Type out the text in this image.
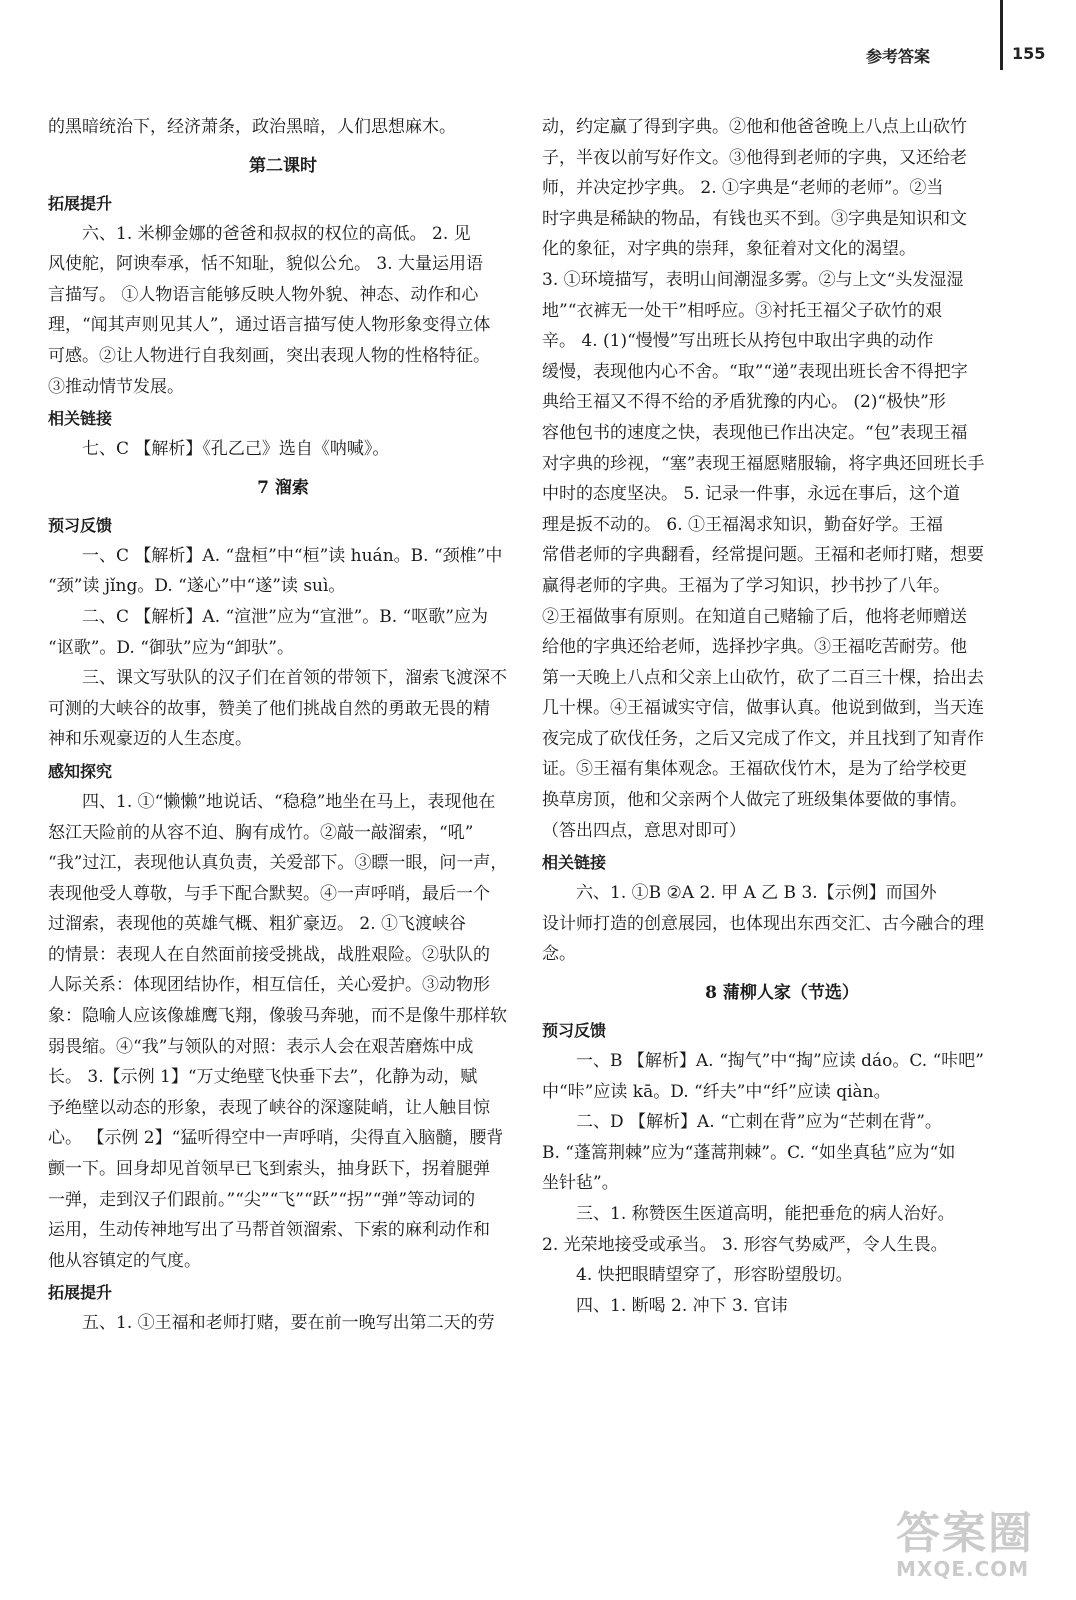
参考答案	155

的黑暗统治下，经济萧条，政治黑暗，人们思想麻木。

第二课时
拓展提升

六、1. 米柳金娜的爸爸和叔叔的权位的高低。 2. 见
风使舵，阿谀奉承，恬不知耻，貌似公允。 3. 大量运用语
言描写。 ①人物语言能够反映人物外貌、神态、动作和心
理，“闻其声则见其人”，通过语言描写使人物形象变得立体
可感。②让人物进行自我刻画，突出表现人物的性格特征。
③推动情节发展。

相关链接

七、C 【解析】《孔乙己》选自《呐喊》。

7 溜索
预习反馈

一、C 【解析】A. “盘桓”中“桓”读 huán。B. “颈椎”中
“颈”读 jǐng。D. “遂心”中“遂”读 suì。

二、C 【解析】A. “渲泄”应为“宣泄”。B. “呕歌”应为
“讴歌”。D. “御驮”应为“卸驮”。

三、课文写驮队的汉子们在首领的带领下，溜索飞渡深不
可测的大峡谷的故事，赞美了他们挑战自然的勇敢无畏的精
神和乐观豪迈的人生态度。

感知探究

四、1. ①“懒懒”地说话、“稳稳”地坐在马上，表现他在
怒江天险前的从容不迫、胸有成竹。②敲一敲溜索，“吼”
“我”过江，表现他认真负责，关爱部下。③瞟一眼，问一声，
表现他受人尊敬，与手下配合默契。④一声呼哨，最后一个
过溜索，表现他的英雄气概、粗犷豪迈。 2. ①飞渡峡谷
的情景：表现人在自然面前接受挑战，战胜艰险。②驮队的
人际关系：体现团结协作，相互信任，关心爱护。③动物形
象：隐喻人应该像雄鹰飞翔，像骏马奔驰，而不是像牛那样软
弱畏缩。④“我”与领队的对照：表示人会在艰苦磨炼中成
长。 3.【示例 1】“万丈绝壁飞快垂下去”，化静为动，赋
予绝壁以动态的形象，表现了峡谷的深邃陡峭，让人触目惊
心。 【示例 2】“猛听得空中一声呼哨，尖得直入脑髓，腰背
颤一下。回身却见首领早已飞到索头，抽身跃下，拐着腿弹
一弹，走到汉子们跟前。”“尖”“飞”“跃”“拐”“弹”等动词的
运用，生动传神地写出了马帮首领溜索、下索的麻利动作和
他从容镇定的气度。

拓展提升

五、1. ①王福和老师打赌，要在前一晚写出第二天的劳

动，约定赢了得到字典。②他和他爸爸晚上八点上山砍竹
子，半夜以前写好作文。③他得到老师的字典，又还给老
师，并决定抄字典。 2. ①字典是“老师的老师”。②当
时字典是稀缺的物品，有钱也买不到。③字典是知识和文
化的象征，对字典的崇拜，象征着对文化的渴望。

3. ①环境描写，表明山间潮湿多雾。②与上文“头发湿湿
地”“衣裤无一处干”相呼应。③衬托王福父子砍竹的艰
辛。 4. (1)“慢慢”写出班长从挎包中取出字典的动作
缓慢，表现他内心不舍。“取”“递”表现出班长舍不得把字
典给王福又不得不给的矛盾犹豫的内心。 (2)“极快”形
容他包书的速度之快，表现他已作出决定。“包”表现王福
对字典的珍视，“塞”表现王福愿赌服输，将字典还回班长手
中时的态度坚决。 5. 记录一件事，永远在事后，这个道
理是扳不动的。 6. ①王福渴求知识，勤奋好学。王福
常借老师的字典翻看，经常提问题。王福和老师打赌，想要
赢得老师的字典。王福为了学习知识，抄书抄了八年。
②王福做事有原则。在知道自己赌输了后，他将老师赠送
给他的字典还给老师，选择抄字典。③王福吃苦耐劳。他
第一天晚上八点和父亲上山砍竹，砍了二百三十棵，拾出去
几十棵。④王福诚实守信，做事认真。他说到做到，当天连
夜完成了砍伐任务，之后又完成了作文，并且找到了知青作
证。⑤王福有集体观念。王福砍伐竹木，是为了给学校更
换草房顶，他和父亲两个人做完了班级集体要做的事情。
（答出四点，意思对即可）

相关链接

六、1. ①B ②A 2. 甲 A 乙 B 3.【示例】而国外
设计师打造的创意展园，也体现出东西交汇、古今融合的理
念。

8 蒲柳人家（节选）
预习反馈

一、B 【解析】A. “掏气”中“掏”应读 dáo。C. “咔吧”
中“咔”应读 kā。D. “纤夫”中“纤”应读 qiàn。

二、D 【解析】A. “亡刺在背”应为“芒刺在背”。
B. “蓬篙荆棘”应为“蓬蒿荆棘”。C. “如坐真毡”应为“如
坐针毡”。

三、1. 称赞医生医道高明，能把垂危的病人治好。
2. 光荣地接受或承当。 3. 形容气势威严，令人生畏。

4. 快把眼睛望穿了，形容盼望殷切。

四、1. 断喝 2. 冲下 3. 官讳

答案圈
MXQE.COM
